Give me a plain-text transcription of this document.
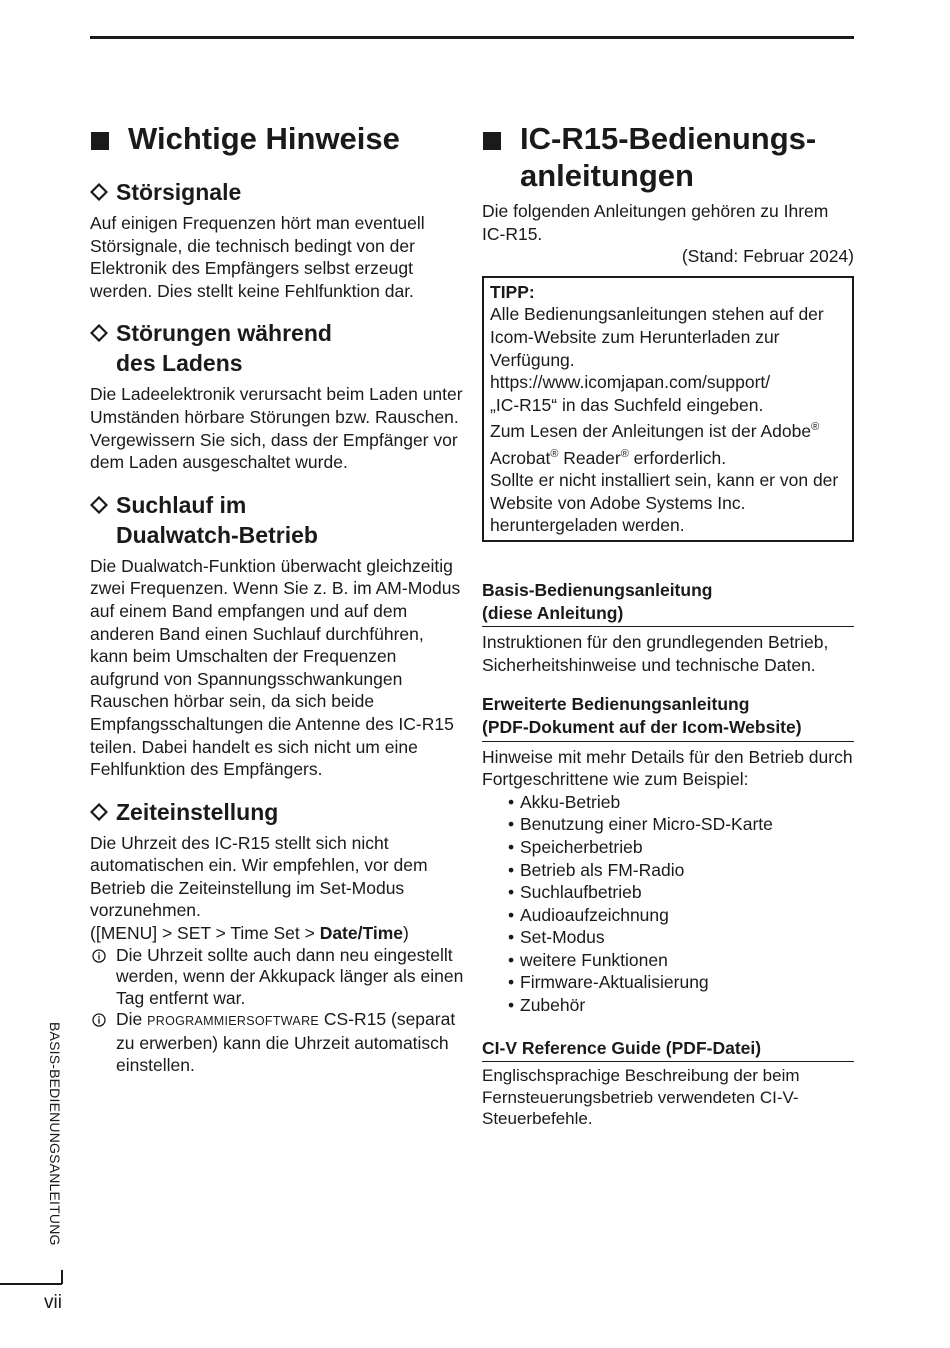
Wichtige Hinweise
Störsignale

Auf einigen Frequenzen hört man eventuell Störsignale, die technisch bedingt von der Elektronik des Empfängers selbst erzeugt werden. Dies stellt keine Fehlfunktion dar.

Störungen während
des Ladens

Die Ladeelektronik verursacht beim Laden unter Umständen hörbare Störungen bzw. Rauschen. Vergewissern Sie sich, dass der Empfänger vor dem Laden ausgeschaltet wurde.

Suchlauf im
Dualwatch-Betrieb

Die Dualwatch-Funktion überwacht gleichzeitig zwei Frequenzen. Wenn Sie z. B. im AM-Modus auf einem Band empfangen und auf dem anderen Band einen Suchlauf durchführen, kann beim Umschalten der Frequenzen aufgrund von Spannungsschwankungen Rauschen hörbar sein, da sich beide Empfangsschaltungen die Antenne des IC-R15 teilen. Dabei handelt es sich nicht um eine Fehlfunktion des Empfängers.

Zeiteinstellung

Die Uhrzeit des IC-R15 stellt sich nicht automatischen ein. Wir empfehlen, vor dem Betrieb die Zeiteinstellung im Set-Modus vorzunehmen.

([MENU] > SET > Time Set > Date/Time)

Die Uhrzeit sollte auch dann neu eingestellt werden, wenn der Akkupack länger als einen Tag entfernt war.
Die PROGRAMMIERSOFTWARE CS-R15 (separat zu erwerben) kann die Uhrzeit automatisch einstellen.
IC-R15-Bedienungs-
anleitungen

Die folgenden Anleitungen gehören zu Ihrem IC-R15.

(Stand: Februar 2024)

TIPP:

Alle Bedienungsanleitungen stehen auf der Icom-Website zum Herunterladen zur Verfügung.

https://www.icomjapan.com/support/

„IC-R15“ in das Suchfeld eingeben.

Zum Lesen der Anleitungen ist der Adobe® Acrobat® Reader® erforderlich.

Sollte er nicht installiert sein, kann er von der Website von Adobe Systems Inc. heruntergeladen werden.

Basis-Bedienungsanleitung
(diese Anleitung)

Instruktionen für den grundlegenden Betrieb, Sicherheitshinweise und technische Daten.

Erweiterte Bedienungsanleitung
(PDF-Dokument auf der Icom-Website)

Hinweise mit mehr Details für den Betrieb durch Fortgeschrittene wie zum Beispiel:

• Akku-Betrieb
• Benutzung einer Micro-SD-Karte
• Speicherbetrieb
• Betrieb als FM-Radio
• Suchlaufbetrieb
• Audioaufzeichnung
• Set-Modus
• weitere Funktionen
• Firmware-Aktualisierung
• Zubehör
CI-V Reference Guide (PDF-Datei)

Englischsprachige Beschreibung der beim Fernsteuerungsbetrieb verwendeten CI-V-Steuerbefehle.

BASIS-BEDIENUNGSANLEITUNG
vii
